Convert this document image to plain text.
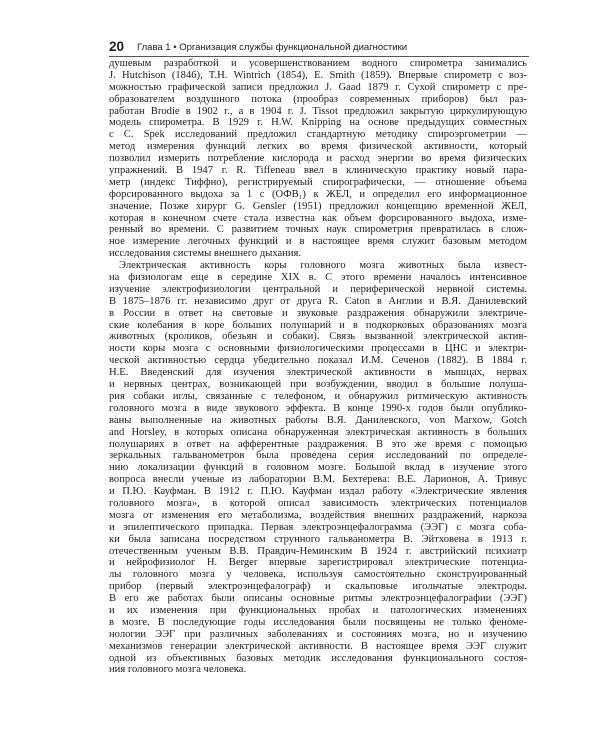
20 Глава 1 • Организация службы функциональной диагностики
душевым разработкой и усовершенствованием водного спирометра занимались
J. Hutchison (1846), T.H. Wintrich (1854), E. Smith (1859). Впервые спирометр с воз-
можностью графической записи предложил J. Gaad 1879 г. Сухой спирометр с пре-
образователем воздушного потока (прообраз современных приборов) был раз-
работан Brodie в 1902 г., а в 1904 г. J. Tissot предложил закрытую циркулирующую
модель спирометра. В 1929 г. H.W. Knipping на основе предыдущих совместных
с C. Spek исследований предложил стандартную методику спироэргометрии —
метод измерения функций легких во время физической активности, который
позволил измерить потребление кислорода и расход энергии во время физических
упражнений. В 1947 г. R. Tiffeneau ввел в клиническую практику новый пара-
метр (индекс Тиффно), регистрируемый спирографически, — отношение объема
форсированного выдоха за 1 с (ОФВ₁) к ЖЕЛ, и определил его информационное
значение. Позже хирург G. Gensler (1951) предложил концепцию временной ЖЕЛ,
которая в конечном счете стала известна как объем форсированного выдоха, изме-
ренный во времени. С развитием точных наук спирометрия превратилась в слож-
ное измерение легочных функций и в настоящее время служит базовым методом
исследования системы внешнего дыхания.
Электрическая активность коры головного мозга животных была извест-
на физиологам еще в середине XIX в. С этого времени началось интенсивное
изучение электрофизиологии центральной и периферической нервной системы.
В 1875–1876 гг. независимо друг от друга R. Caton в Англии и В.Я. Данилевский
в России в ответ на световые и звуковые раздражения обнаружили электриче-
ские колебания в коре больших полушарий и в подкорковых образованиях мозга
животных (кроликов, обезьян и собаки). Связь вызванной электрической актив-
ности коры мозга с основными физиологическими процессами в ЦНС и электри-
ческой активностью сердца убедительно показал И.М. Сеченов (1882). В 1884 г.
Н.Е. Введенский для изучения электрической активности в мышцах, нервах
и нервных центрах, возникающей при возбуждении, вводил в большие полуша-
рия собаки иглы, связанные с телефоном, и обнаружил ритмическую активность
головного мозга в виде звукового эффекта. В конце 1990-х годов были опублико-
ваны выполненные на животных работы В.Я. Данилевского, von Marxow, Gotch
and Horsley, в которых описана обнаруженная электрическая активность в больших
полушариях в ответ на афферентные раздражения. В это же время с помощью
зеркальных гальванометров была проведена серия исследований по определе-
нию локализации функций в головном мозге. Большой вклад в изучение этого
вопроса внесли ученые из лаборатории В.М. Бехтерева: В.Е. Ларионов, А. Тривус
и П.Ю. Кауфман. В 1912 г. П.Ю. Кауфман издал работу «Электрические явления
головного мозга», в которой описал зависимость электрических потенциалов
мозга от изменения его метаболизма, воздействия внешних раздражений, наркоза
и эпилептического припадка. Первая электроэнцефалограмма (ЭЭГ) с мозга соба-
ки была записана посредством струнного гальванометра В. Эйтховена в 1913 г.
отечественным ученым В.В. Правдич-Неминским В 1924 г. австрийский психиатр
и нейрофизиолог H. Berger впервые зарегистрировал электрические потенциа-
лы головного мозга у человека, используя самостоятельно сконструированный
прибор (первый электроэнцефалограф) и скальповые игольчатые электроды.
В его же работах были описаны основные ритмы электроэнцефалографии (ЭЭГ)
и их изменения при функциональных пробах и патологических изменениях
в мозге. В последующие годы исследования были посвящены не только феноме-
нологии ЭЭГ при различных заболеваниях и состояниях мозга, но и изучению
механизмов генерации электрической активности. В настоящее время ЭЭГ служит
одной из объективных базовых методик исследования функционального состоя-
ния головного мозга человека.
